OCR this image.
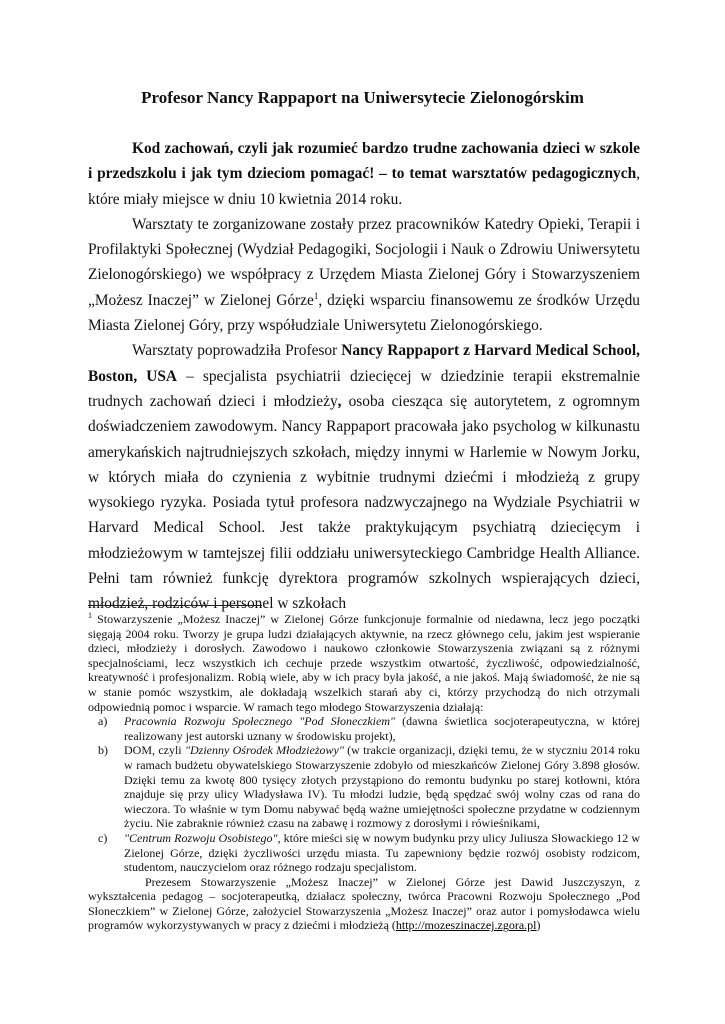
Profesor Nancy Rappaport na Uniwersytecie Zielonogórskim

Kod zachowań, czyli jak rozumieć bardzo trudne zachowania dzieci w szkole i przedszkolu i jak tym dzieciom pomagać! – to temat warsztatów pedagogicznych, które miały miejsce w dniu 10 kwietnia 2014 roku.

Warsztaty te zorganizowane zostały przez pracowników Katedry Opieki, Terapii i Profilaktyki Społecznej (Wydział Pedagogiki, Socjologii i Nauk o Zdrowiu Uniwersytetu Zielonogórskiego) we współpracy z Urzędem Miasta Zielonej Góry i Stowarzyszeniem „Możesz Inaczej” w Zielonej Górze$^1$, dzięki wsparciu finansowemu ze środków Urzędu Miasta Zielonej Góry, przy współudziale Uniwersytetu Zielonogórskiego.

Warsztaty poprowadziła Profesor Nancy Rappaport z Harvard Medical School, Boston, USA – specjalista psychiatrii dziecięcej w dziedzinie terapii ekstremalnie trudnych zachowań dzieci i młodzieży, osoba ciesząca się autorytetem, z ogromnym doświadczeniem zawodowym. Nancy Rappaport pracowała jako psycholog w kilkunastu amerykańskich najtrudniejszych szkołach, między innymi w Harlemie w Nowym Jorku, w których miała do czynienia z wybitnie trudnymi dziećmi i młodzieżą z grupy wysokiego ryzyka. Posiada tytuł profesora nadzwyczajnego na Wydziale Psychiatrii w Harvard Medical School. Jest także praktykującym psychiatrą dziecięcym i młodzieżowym w tamtejszej filii oddziału uniwersyteckiego Cambridge Health Alliance. Pełni tam również funkcję dyrektora programów szkolnych wspierających dzieci, młodzież, rodziców i personel w szkołach

$^1$ Stowarzyszenie „Możesz Inaczej” w Zielonej Górze funkcjonuje formalnie od niedawna, lecz jego początki sięgają 2004 roku. Tworzy je grupa ludzi działających aktywnie, na rzecz głównego celu, jakim jest wspieranie dzieci, młodzieży i dorosłych. Zawodowo i naukowo członkowie Stowarzyszenia związani są z różnymi specjalnościami, lecz wszystkich ich cechuje przede wszystkim otwartość, życzliwość, odpowiedzialność, kreatywność i profesjonalizm. Robią wiele, aby w ich pracy była jakość, a nie jakoś. Mają świadomość, że nie są w stanie pomóc wszystkim, ale dokładają wszelkich starań aby ci, którzy przychodzą do nich otrzymali odpowiednią pomoc i wsparcie. W ramach tego młodego Stowarzyszenia działają:

a) Pracownia Rozwoju Społecznego "Pod Słoneczkiem" (dawna świetlica socjoterapeutyczna, w której realizowany jest autorski uznany w środowisku projekt),
b) DOM, czyli "Dzienny Ośrodek Młodzieżowy" (w trakcie organizacji, dzięki temu, że w styczniu 2014 roku w ramach budżetu obywatelskiego Stowarzyszenie zdobyło od mieszkańców Zielonej Góry 3.898 głosów. Dzięki temu za kwotę 800 tysięcy złotych przystąpiono do remontu budynku po starej kotłowni, która znajduje się przy ulicy Władysława IV). Tu młodzi ludzie, będą spędzać swój wolny czas od rana do wieczora. To właśnie w tym Domu nabywać będą ważne umiejętności społeczne przydatne w codziennym życiu. Nie zabraknie również czasu na zabawę i rozmowy z dorosłymi i rówieśnikami,
c) "Centrum Rozwoju Osobistego", które mieści się w nowym budynku przy ulicy Juliusza Słowackiego 12 w Zielonej Górze, dzięki życzliwości urzędu miasta. Tu zapewniony będzie rozwój osobisty rodzicom, studentom, nauczycielom oraz różnego rodzaju specjalistom.

Prezesem Stowarzyszenie „Możesz Inaczej” w Zielonej Górze jest Dawid Juszczyszyn, z wykształcenia pedagog – socjoterapeutką, działacz społeczny, twórca Pracowni Rozwoju Społecznego „Pod Słoneczkiem” w Zielonej Górze, założyciel Stowarzyszenia „Możesz Inaczej” oraz autor i pomysłodawca wielu programów wykorzystywanych w pracy z dziećmi i młodzieżą (http://mozeszinaczej.zgora.pl)
